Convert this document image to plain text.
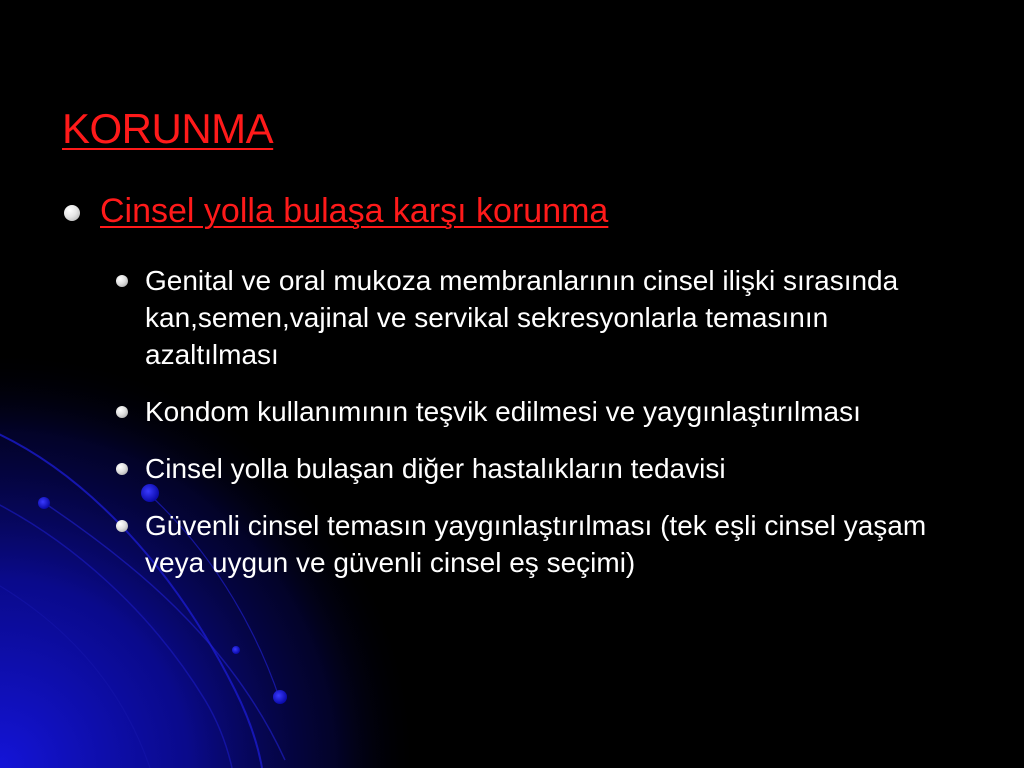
KORUNMA
Cinsel yolla bulaşa karşı korunma
Genital ve oral mukoza membranlarının cinsel ilişki sırasında kan,semen,vajinal ve servikal sekresyonlarla temasının azaltılması
Kondom kullanımının teşvik edilmesi ve yaygınlaştırılması
Cinsel yolla bulaşan diğer hastalıkların tedavisi
Güvenli cinsel temasın yaygınlaştırılması (tek eşli cinsel yaşam veya uygun ve güvenli cinsel eş seçimi)
